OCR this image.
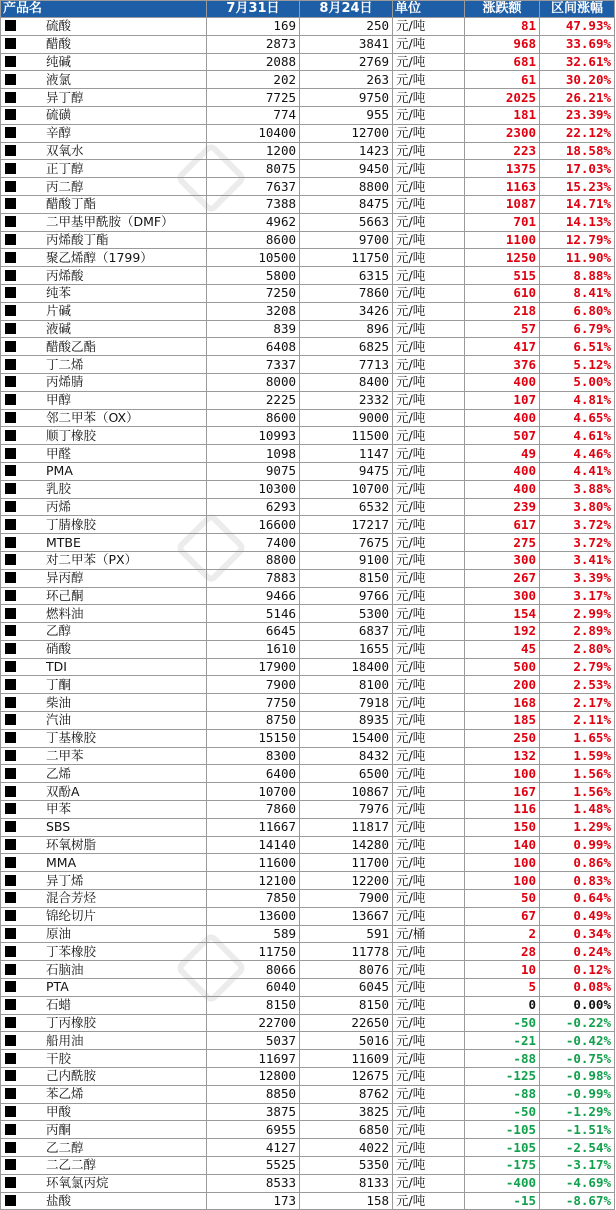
产品名	7月31日	8月24日	单位	涨跌额	区间涨幅
硫酸	169	250	元/吨	81	47.93%
醋酸	2873	3841	元/吨	968	33.69%
纯碱	2088	2769	元/吨	681	32.61%
液氯	202	263	元/吨	61	30.20%
异丁醇	7725	9750	元/吨	2025	26.21%
硫磺	774	955	元/吨	181	23.39%
辛醇	10400	12700	元/吨	2300	22.12%
双氧水	1200	1423	元/吨	223	18.58%
正丁醇	8075	9450	元/吨	1375	17.03%
丙二醇	7637	8800	元/吨	1163	15.23%
醋酸丁酯	7388	8475	元/吨	1087	14.71%
二甲基甲酰胺（DMF）	4962	5663	元/吨	701	14.13%
丙烯酸丁酯	8600	9700	元/吨	1100	12.79%
聚乙烯醇（1799）	10500	11750	元/吨	1250	11.90%
丙烯酸	5800	6315	元/吨	515	8.88%
纯苯	7250	7860	元/吨	610	8.41%
片碱	3208	3426	元/吨	218	6.80%
液碱	839	896	元/吨	57	6.79%
醋酸乙酯	6408	6825	元/吨	417	6.51%
丁二烯	7337	7713	元/吨	376	5.12%
丙烯腈	8000	8400	元/吨	400	5.00%
甲醇	2225	2332	元/吨	107	4.81%
邻二甲苯（OX）	8600	9000	元/吨	400	4.65%
顺丁橡胶	10993	11500	元/吨	507	4.61%
甲醛	1098	1147	元/吨	49	4.46%
PMA	9075	9475	元/吨	400	4.41%
乳胶	10300	10700	元/吨	400	3.88%
丙烯	6293	6532	元/吨	239	3.80%
丁腈橡胶	16600	17217	元/吨	617	3.72%
MTBE	7400	7675	元/吨	275	3.72%
对二甲苯（PX）	8800	9100	元/吨	300	3.41%
异丙醇	7883	8150	元/吨	267	3.39%
环己酮	9466	9766	元/吨	300	3.17%
燃料油	5146	5300	元/吨	154	2.99%
乙醇	6645	6837	元/吨	192	2.89%
硝酸	1610	1655	元/吨	45	2.80%
TDI	17900	18400	元/吨	500	2.79%
丁酮	7900	8100	元/吨	200	2.53%
柴油	7750	7918	元/吨	168	2.17%
汽油	8750	8935	元/吨	185	2.11%
丁基橡胶	15150	15400	元/吨	250	1.65%
二甲苯	8300	8432	元/吨	132	1.59%
乙烯	6400	6500	元/吨	100	1.56%
双酚A	10700	10867	元/吨	167	1.56%
甲苯	7860	7976	元/吨	116	1.48%
SBS	11667	11817	元/吨	150	1.29%
环氧树脂	14140	14280	元/吨	140	0.99%
MMA	11600	11700	元/吨	100	0.86%
异丁烯	12100	12200	元/吨	100	0.83%
混合芳烃	7850	7900	元/吨	50	0.64%
锦纶切片	13600	13667	元/吨	67	0.49%
原油	589	591	元/桶	2	0.34%
丁苯橡胶	11750	11778	元/吨	28	0.24%
石脑油	8066	8076	元/吨	10	0.12%
PTA	6040	6045	元/吨	5	0.08%
石蜡	8150	8150	元/吨	0	0.00%
丁丙橡胶	22700	22650	元/吨	-50	-0.22%
船用油	5037	5016	元/吨	-21	-0.42%
干胶	11697	11609	元/吨	-88	-0.75%
己内酰胺	12800	12675	元/吨	-125	-0.98%
苯乙烯	8850	8762	元/吨	-88	-0.99%
甲酸	3875	3825	元/吨	-50	-1.29%
丙酮	6955	6850	元/吨	-105	-1.51%
乙二醇	4127	4022	元/吨	-105	-2.54%
二乙二醇	5525	5350	元/吨	-175	-3.17%
环氧氯丙烷	8533	8133	元/吨	-400	-4.69%
盐酸	173	158	元/吨	-15	-8.67%
